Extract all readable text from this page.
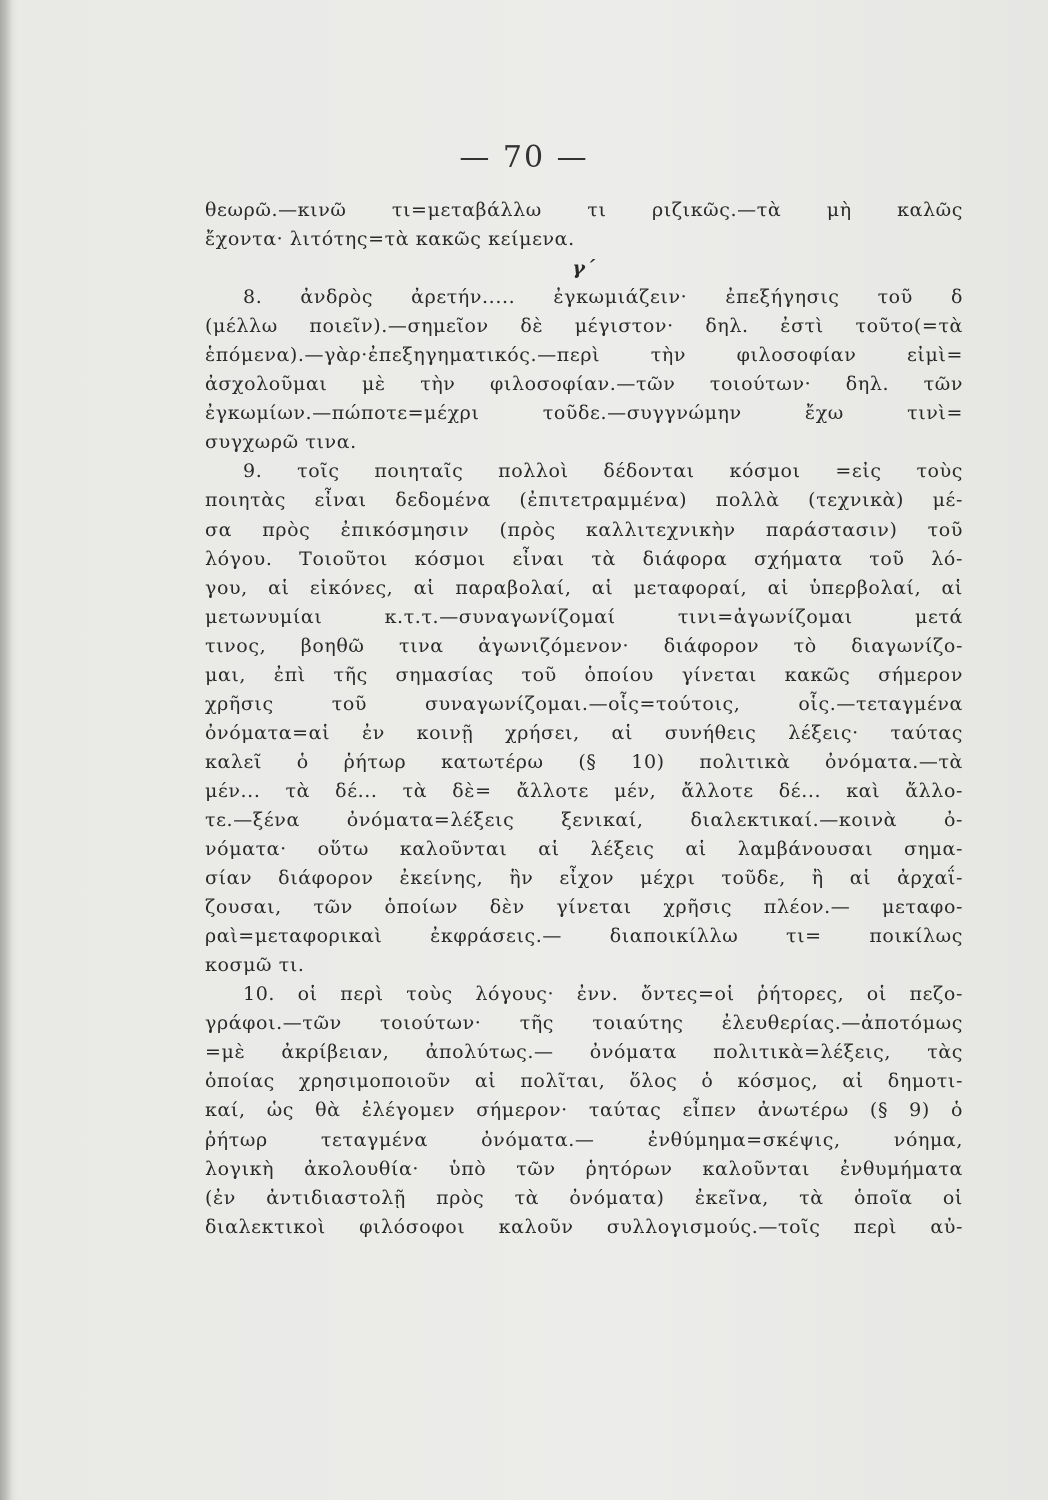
— 70 —
θεωρῶ.—κινῶ τι=μεταβάλλω τι ριζικῶς.—τὰ μὴ καλῶς
ἔχοντα· λιτότης=τὰ κακῶς κείμενα.
γ΄
8. ἀνδρὸς ἀρετήν..... ἐγκωμιάζειν· ἐπεξήγησις τοῦ δ
(μέλλω ποιεῖν).—σημεῖον δὲ μέγιστον· δηλ. ἐστὶ τοῦτο(=τὰ
ἑπόμενα).—γὰρ·ἐπεξηγηματικός.—περὶ τὴν φιλοσοφίαν εἰμὶ=
ἀσχολοῦμαι μὲ τὴν φιλοσοφίαν.—τῶν τοιούτων· δηλ. τῶν
ἐγκωμίων.—πώποτε=μέχρι τοῦδε.—συγγνώμην ἔχω τινὶ=
συγχωρῶ τινα.
9. τοῖς ποιηταῖς πολλοὶ δέδονται κόσμοι =εἰς τοὺς
ποιητὰς εἶναι δεδομένα (ἐπιτετραμμένα) πολλὰ (τεχνικὰ) μέ-
σα πρὸς ἐπικόσμησιν (πρὸς καλλιτεχνικὴν παράστασιν) τοῦ
λόγου. Τοιοῦτοι κόσμοι εἶναι τὰ διάφορα σχήματα τοῦ λό-
γου, αἱ εἰκόνες, αἱ παραβολαί, αἱ μεταφοραί, αἱ ὑπερβολαί, αἱ
μετωνυμίαι κ.τ.τ.—συναγωνίζομαί τινι=ἀγωνίζομαι μετά
τινος, βοηθῶ τινα ἀγωνιζόμενον· διάφορον τὸ διαγωνίζο-
μαι, ἐπὶ τῆς σημασίας τοῦ ὁποίου γίνεται κακῶς σήμερον
χρῆσις τοῦ συναγωνίζομαι.—οἷς=τούτοις, οἷς.—τεταγμένα
ὀνόματα=αἱ ἐν κοινῇ χρήσει, αἱ συνήθεις λέξεις· ταύτας
καλεῖ ὁ ῥήτωρ κατωτέρω (§ 10) πολιτικὰ ὀνόματα.—τὰ
μέν... τὰ δέ... τὰ δὲ= ἄλλοτε μέν, ἄλλοτε δέ... καὶ ἄλλο-
τε.—ξένα ὀνόματα=λέξεις ξενικαί, διαλεκτικαί.—κοινὰ ὀ-
νόματα· οὕτω καλοῦνται αἱ λέξεις αἱ λαμβάνουσαι σημα-
σίαν διάφορον ἐκείνης, ἣν εἶχον μέχρι τοῦδε, ἢ αἱ ἀρχαΐ-
ζουσαι, τῶν ὁποίων δὲν γίνεται χρῆσις πλέον.— μεταφο-
ραὶ=μεταφορικαὶ ἐκφράσεις.— διαποικίλλω τι= ποικίλως
κοσμῶ τι.
10. οἱ περὶ τοὺς λόγους· ἐνν. ὄντες=οἱ ῥήτορες, οἱ πεζο-
γράφοι.—τῶν τοιούτων· τῆς τοιαύτης ἐλευθερίας.—ἀποτόμως
=μὲ ἀκρίβειαν, ἀπολύτως.— ὀνόματα πολιτικὰ=λέξεις, τὰς
ὁποίας χρησιμοποιοῦν αἱ πολῖται, ὅλος ὁ κόσμος, αἱ δημοτι-
καί, ὡς θὰ ἐλέγομεν σήμερον· ταύτας εἶπεν ἀνωτέρω (§ 9) ὁ
ῥήτωρ τεταγμένα ὀνόματα.— ἐνθύμημα=σκέψις, νόημα,
λογικὴ ἀκολουθία· ὑπὸ τῶν ῥητόρων καλοῦνται ἐνθυμήματα
(ἐν ἀντιδιαστολῇ πρὸς τὰ ὀνόματα) ἐκεῖνα, τὰ ὁποῖα οἱ
διαλεκτικοὶ φιλόσοφοι καλοῦν συλλογισμούς.—τοῖς περὶ αὐ-
